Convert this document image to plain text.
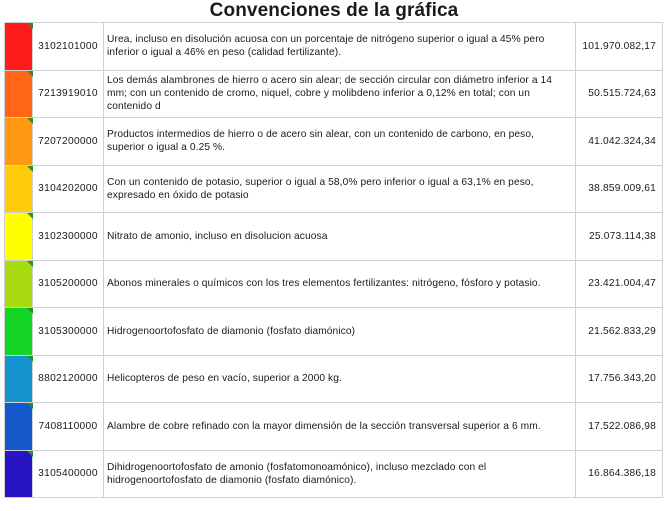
Convenciones de la gráfica
3102101000
Urea, incluso en disolución acuosa con un porcentaje de nitrógeno superior o igual a 45% pero inferior o igual a 46% en peso (calidad fertilizante).
101.970.082,17
7213919010
Los demás alambrones de hierro o acero sin alear; de sección circular con diámetro inferior a 14 mm; con un contenido de cromo, niquel, cobre y molibdeno inferior a 0,12% en total; con un contenido d
50.515.724,63
7207200000
Productos intermedios de hierro o de acero sin alear, con un contenido de carbono, en peso, superior o igual a 0.25 %.
41.042.324,34
3104202000
Con un contenido de potasio, superior o igual a 58,0% pero inferior o igual a 63,1% en peso, expresado en óxido de potasio
38.859.009,61
3102300000 Nitrato de amonio, incluso en disolucion acuosa	25.073.114,38
3105200000 Abonos minerales o químicos con los tres elementos fertilizantes: nitrógeno, fósforo y potasio.	23.421.004,47
3105300000 Hidrogenoortofosfato de diamonio (fosfato diamónico)	21.562.833,29
8802120000 Helicopteros de peso en vacío, superior a 2000 kg.	17.756.343,20
7408110000 Alambre de cobre refinado con la mayor dimensión de la sección transversal superior a 6 mm.	17.522.086,98
3105400000
Dihidrogenoortofosfato de amonio (fosfatomonoamónico), incluso mezclado con el hidrogenoortofosfato de diamonio (fosfato diamónico).
16.864.386,18
